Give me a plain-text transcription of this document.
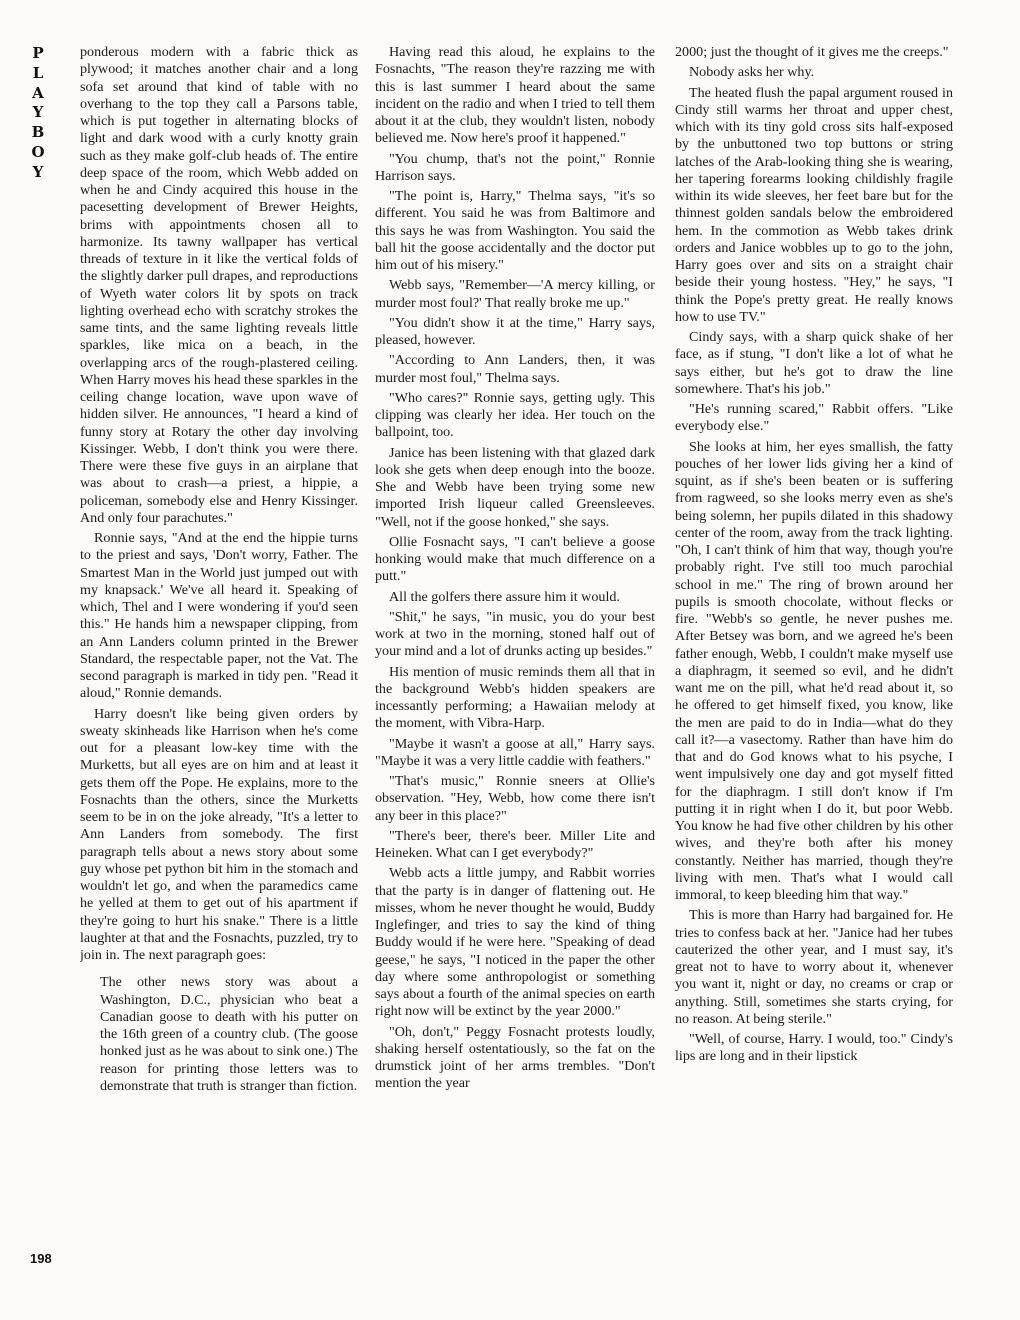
P
L
A
Y
B
O
Y
198

ponderous modern with a fabric thick as plywood; it matches another chair and a long sofa set around that kind of table with no overhang to the top they call a Parsons table, which is put together in alternating blocks of light and dark wood with a curly knotty grain such as they make golf-club heads of. The entire deep space of the room, which Webb added on when he and Cindy acquired this house in the pacesetting development of Brewer Heights, brims with appointments chosen all to harmonize. Its tawny wallpaper has vertical threads of texture in it like the vertical folds of the slightly darker pull drapes, and reproductions of Wyeth water colors lit by spots on track lighting overhead echo with scratchy strokes the same tints, and the same lighting reveals little sparkles, like mica on a beach, in the overlapping arcs of the rough-plastered ceiling. When Harry moves his head these sparkles in the ceiling change location, wave upon wave of hidden silver. He announces, "I heard a kind of funny story at Rotary the other day involving Kissinger. Webb, I don't think you were there. There were these five guys in an airplane that was about to crash—a priest, a hippie, a policeman, somebody else and Henry Kissinger. And only four parachutes."

Ronnie says, "And at the end the hippie turns to the priest and says, 'Don't worry, Father. The Smartest Man in the World just jumped out with my knapsack.' We've all heard it. Speaking of which, Thel and I were wondering if you'd seen this." He hands him a newspaper clipping, from an Ann Landers column printed in the Brewer Standard, the respectable paper, not the Vat. The second paragraph is marked in tidy pen. "Read it aloud," Ronnie demands.

Harry doesn't like being given orders by sweaty skinheads like Harrison when he's come out for a pleasant low-key time with the Murketts, but all eyes are on him and at least it gets them off the Pope. He explains, more to the Fosnachts than the others, since the Murketts seem to be in on the joke already, "It's a letter to Ann Landers from somebody. The first paragraph tells about a news story about some guy whose pet python bit him in the stomach and wouldn't let go, and when the paramedics came he yelled at them to get out of his apartment if they're going to hurt his snake." There is a little laughter at that and the Fosnachts, puzzled, try to join in. The next paragraph goes:

The other news story was about a Washington, D.C., physician who beat a Canadian goose to death with his putter on the 16th green of a country club. (The goose honked just as he was about to sink one.) The reason for printing those letters was to demonstrate that truth is stranger than fiction.

Having read this aloud, he explains to the Fosnachts, "The reason they're razzing me with this is last summer I heard about the same incident on the radio and when I tried to tell them about it at the club, they wouldn't listen, nobody believed me. Now here's proof it happened."

"You chump, that's not the point," Ronnie Harrison says.

"The point is, Harry," Thelma says, "it's so different. You said he was from Baltimore and this says he was from Washington. You said the ball hit the goose accidentally and the doctor put him out of his misery."

Webb says, "Remember—'A mercy killing, or murder most foul?' That really broke me up."

"You didn't show it at the time," Harry says, pleased, however.

"According to Ann Landers, then, it was murder most foul," Thelma says.

"Who cares?" Ronnie says, getting ugly. This clipping was clearly her idea. Her touch on the ballpoint, too.

Janice has been listening with that glazed dark look she gets when deep enough into the booze. She and Webb have been trying some new imported Irish liqueur called Greensleeves. "Well, not if the goose honked," she says.

Ollie Fosnacht says, "I can't believe a goose honking would make that much difference on a putt."

All the golfers there assure him it would.

"Shit," he says, "in music, you do your best work at two in the morning, stoned half out of your mind and a lot of drunks acting up besides."

His mention of music reminds them all that in the background Webb's hidden speakers are incessantly performing; a Hawaiian melody at the moment, with Vibra-Harp.

"Maybe it wasn't a goose at all," Harry says. "Maybe it was a very little caddie with feathers."

"That's music," Ronnie sneers at Ollie's observation. "Hey, Webb, how come there isn't any beer in this place?"

"There's beer, there's beer. Miller Lite and Heineken. What can I get everybody?"

Webb acts a little jumpy, and Rabbit worries that the party is in danger of flattening out. He misses, whom he never thought he would, Buddy Inglefinger, and tries to say the kind of thing Buddy would if he were here. "Speaking of dead geese," he says, "I noticed in the paper the other day where some anthropologist or something says about a fourth of the animal species on earth right now will be extinct by the year 2000."

"Oh, don't," Peggy Fosnacht protests loudly, shaking herself ostentatiously, so the fat on the drumstick joint of her arms trembles. "Don't mention the year

2000; just the thought of it gives me the creeps."

Nobody asks her why.

The heated flush the papal argument roused in Cindy still warms her throat and upper chest, which with its tiny gold cross sits half-exposed by the unbuttoned two top buttons or string latches of the Arab-looking thing she is wearing, her tapering forearms looking childishly fragile within its wide sleeves, her feet bare but for the thinnest golden sandals below the embroidered hem. In the commotion as Webb takes drink orders and Janice wobbles up to go to the john, Harry goes over and sits on a straight chair beside their young hostess. "Hey," he says, "I think the Pope's pretty great. He really knows how to use TV."

Cindy says, with a sharp quick shake of her face, as if stung, "I don't like a lot of what he says either, but he's got to draw the line somewhere. That's his job."

"He's running scared," Rabbit offers. "Like everybody else."

She looks at him, her eyes smallish, the fatty pouches of her lower lids giving her a kind of squint, as if she's been beaten or is suffering from ragweed, so she looks merry even as she's being solemn, her pupils dilated in this shadowy center of the room, away from the track lighting. "Oh, I can't think of him that way, though you're probably right. I've still too much parochial school in me." The ring of brown around her pupils is smooth chocolate, without flecks or fire. "Webb's so gentle, he never pushes me. After Betsey was born, and we agreed he's been father enough, Webb, I couldn't make myself use a diaphragm, it seemed so evil, and he didn't want me on the pill, what he'd read about it, so he offered to get himself fixed, you know, like the men are paid to do in India—what do they call it?—a vasectomy. Rather than have him do that and do God knows what to his psyche, I went impulsively one day and got myself fitted for the diaphragm. I still don't know if I'm putting it in right when I do it, but poor Webb. You know he had five other children by his other wives, and they're both after his money constantly. Neither has married, though they're living with men. That's what I would call immoral, to keep bleeding him that way."

This is more than Harry had bargained for. He tries to confess back at her. "Janice had her tubes cauterized the other year, and I must say, it's great not to have to worry about it, whenever you want it, night or day, no creams or crap or anything. Still, sometimes she starts crying, for no reason. At being sterile."

"Well, of course, Harry. I would, too." Cindy's lips are long and in their lipstick
